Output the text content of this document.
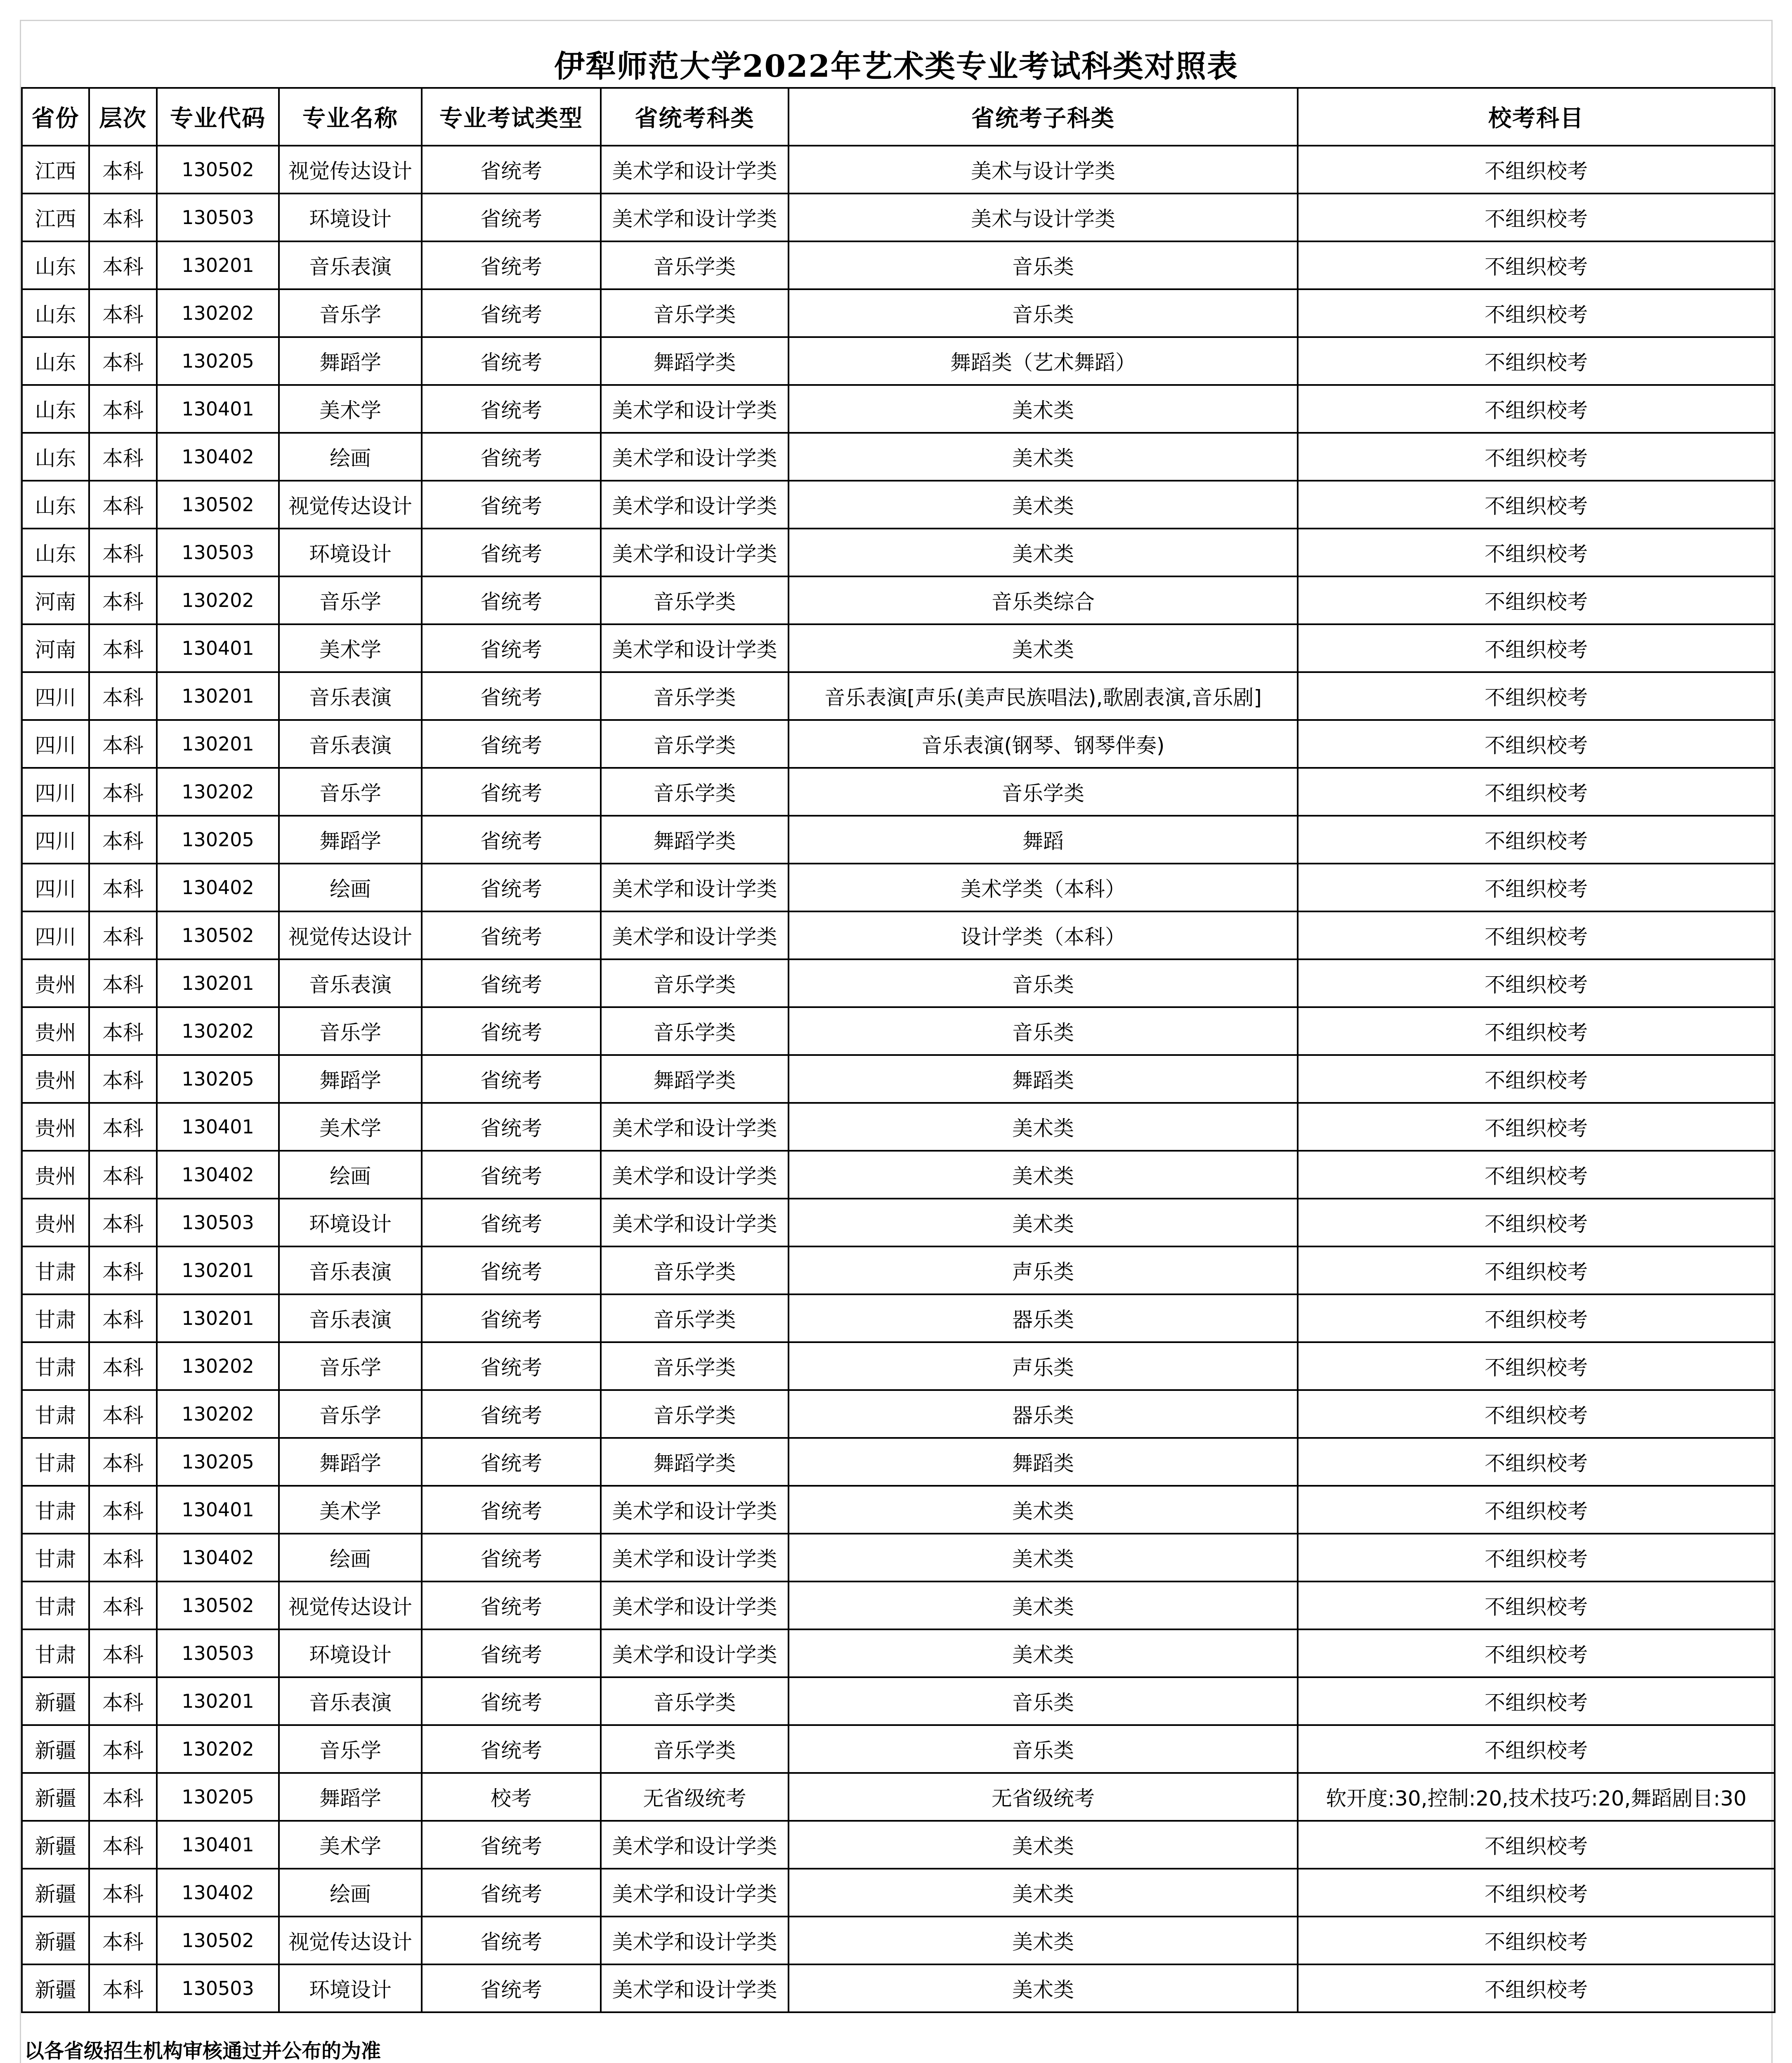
伊犁师范大学2022年艺术类专业考试科类对照表
省份	层次	专业代码	专业名称	专业考试类型	省统考科类	省统考子科类	校考科目
江西	本科	130502	视觉传达设计	省统考	美术学和设计学类	美术与设计学类	不组织校考
江西	本科	130503	环境设计	省统考	美术学和设计学类	美术与设计学类	不组织校考
山东	本科	130201	音乐表演	省统考	音乐学类	音乐类	不组织校考
山东	本科	130202	音乐学	省统考	音乐学类	音乐类	不组织校考
山东	本科	130205	舞蹈学	省统考	舞蹈学类	舞蹈类（艺术舞蹈）	不组织校考
山东	本科	130401	美术学	省统考	美术学和设计学类	美术类	不组织校考
山东	本科	130402	绘画	省统考	美术学和设计学类	美术类	不组织校考
山东	本科	130502	视觉传达设计	省统考	美术学和设计学类	美术类	不组织校考
山东	本科	130503	环境设计	省统考	美术学和设计学类	美术类	不组织校考
河南	本科	130202	音乐学	省统考	音乐学类	音乐类综合	不组织校考
河南	本科	130401	美术学	省统考	美术学和设计学类	美术类	不组织校考
四川	本科	130201	音乐表演	省统考	音乐学类	音乐表演[声乐(美声民族唱法),歌剧表演,音乐剧]	不组织校考
四川	本科	130201	音乐表演	省统考	音乐学类	音乐表演(钢琴、钢琴伴奏)	不组织校考
四川	本科	130202	音乐学	省统考	音乐学类	音乐学类	不组织校考
四川	本科	130205	舞蹈学	省统考	舞蹈学类	舞蹈	不组织校考
四川	本科	130402	绘画	省统考	美术学和设计学类	美术学类（本科）	不组织校考
四川	本科	130502	视觉传达设计	省统考	美术学和设计学类	设计学类（本科）	不组织校考
贵州	本科	130201	音乐表演	省统考	音乐学类	音乐类	不组织校考
贵州	本科	130202	音乐学	省统考	音乐学类	音乐类	不组织校考
贵州	本科	130205	舞蹈学	省统考	舞蹈学类	舞蹈类	不组织校考
贵州	本科	130401	美术学	省统考	美术学和设计学类	美术类	不组织校考
贵州	本科	130402	绘画	省统考	美术学和设计学类	美术类	不组织校考
贵州	本科	130503	环境设计	省统考	美术学和设计学类	美术类	不组织校考
甘肃	本科	130201	音乐表演	省统考	音乐学类	声乐类	不组织校考
甘肃	本科	130201	音乐表演	省统考	音乐学类	器乐类	不组织校考
甘肃	本科	130202	音乐学	省统考	音乐学类	声乐类	不组织校考
甘肃	本科	130202	音乐学	省统考	音乐学类	器乐类	不组织校考
甘肃	本科	130205	舞蹈学	省统考	舞蹈学类	舞蹈类	不组织校考
甘肃	本科	130401	美术学	省统考	美术学和设计学类	美术类	不组织校考
甘肃	本科	130402	绘画	省统考	美术学和设计学类	美术类	不组织校考
甘肃	本科	130502	视觉传达设计	省统考	美术学和设计学类	美术类	不组织校考
甘肃	本科	130503	环境设计	省统考	美术学和设计学类	美术类	不组织校考
新疆	本科	130201	音乐表演	省统考	音乐学类	音乐类	不组织校考
新疆	本科	130202	音乐学	省统考	音乐学类	音乐类	不组织校考
新疆	本科	130205	舞蹈学	校考	无省级统考	无省级统考	软开度:30,控制:20,技术技巧:20,舞蹈剧目:30
新疆	本科	130401	美术学	省统考	美术学和设计学类	美术类	不组织校考
新疆	本科	130402	绘画	省统考	美术学和设计学类	美术类	不组织校考
新疆	本科	130502	视觉传达设计	省统考	美术学和设计学类	美术类	不组织校考
新疆	本科	130503	环境设计	省统考	美术学和设计学类	美术类	不组织校考
以各省级招生机构审核通过并公布的为准
